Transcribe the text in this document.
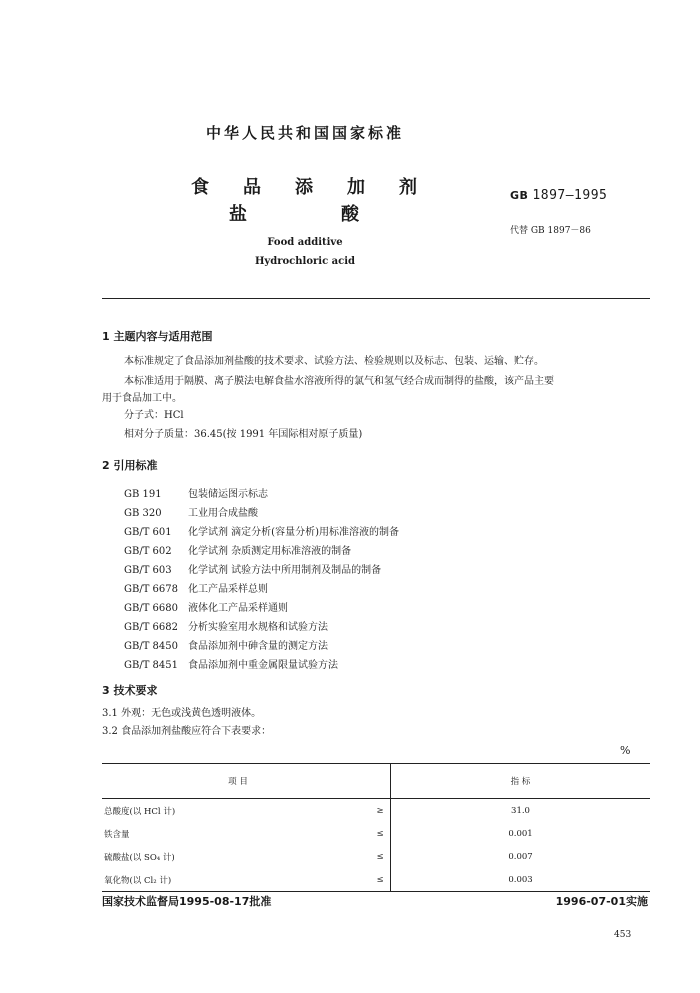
中华人民共和国国家标准
食 品 添 加 剂
盐	酸
Food additive
Hydrochloric acid
GB 1897—1995
代替 GB 1897－86
1 主题内容与适用范围
本标准规定了食品添加剂盐酸的技术要求、试验方法、检验规则以及标志、包装、运输、贮存。
本标准适用于隔膜、离子膜法电解食盐水溶液所得的氯气和氢气经合成而制得的盐酸，该产品主要
用于食品加工中。
分子式：HCl
相对分子质量：36.45(按 1991 年国际相对原子质量)
2 引用标准
GB 191	包装储运图示标志
GB 320	工业用合成盐酸
GB/T 601 化学试剂 滴定分析(容量分析)用标准溶液的制备
GB/T 602 化学试剂 杂质测定用标准溶液的制备
GB/T 603 化学试剂 试验方法中所用制剂及制品的制备
GB/T 6678 化工产品采样总则
GB/T 6680 液体化工产品采样通则
GB/T 6682 分析实验室用水规格和试验方法
GB/T 8450 食品添加剂中砷含量的测定方法
GB/T 8451 食品添加剂中重金属限量试验方法
3 技术要求
3.1 外观：无色或浅黄色透明液体。
3.2 食品添加剂盐酸应符合下表要求：
%
项 目		指 标
总酸度(以 HCl 计)	≥	31.0
铁含量	≤	0.001
硫酸盐(以 SO₄ 计)	≤	0.007
氧化物(以 Cl₂ 计)	≤	0.003
国家技术监督局1995-08-17批准	1996-07-01实施
453
